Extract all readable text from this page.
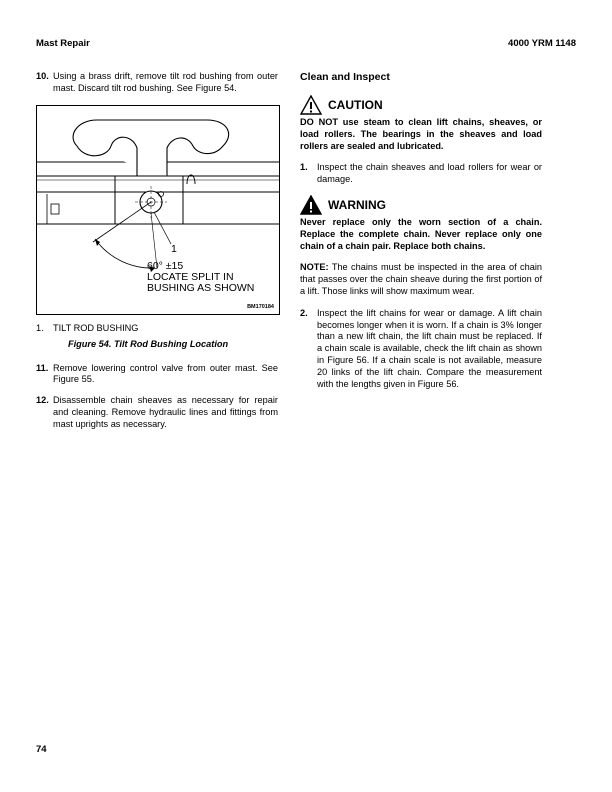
Mast Repair	4000 YRM 1148
10. Using a brass drift, remove tilt rod bushing from outer mast. Discard tilt rod bushing. See Figure 54.
1
60° ±15
LOCATE SPLIT IN
BUSHING AS SHOWN
BM170184
1.	TILT ROD BUSHING
Figure 54. Tilt Rod Bushing Location
11. Remove lowering control valve from outer mast. See Figure 55.
12. Disassemble chain sheaves as necessary for repair and cleaning. Remove hydraulic lines and fittings from mast uprights as necessary.
Clean and Inspect
CAUTION
DO NOT use steam to clean lift chains, sheaves, or load rollers. The bearings in the sheaves and load rollers are sealed and lubricated.
1. Inspect the chain sheaves and load rollers for wear or damage.
WARNING
Never replace only the worn section of a chain. Replace the complete chain. Never replace only one chain of a chain pair. Replace both chains.
NOTE: The chains must be inspected in the area of chain that passes over the chain sheave during the first portion of a lift. Those links will show maximum wear.
2. Inspect the lift chains for wear or damage. A lift chain becomes longer when it is worn. If a chain is 3% longer than a new lift chain, the lift chain must be replaced. If a chain scale is available, check the lift chain as shown in Figure 56. If a chain scale is not available, measure 20 links of the lift chain. Compare the measurement with the lengths given in Figure 56.
74
